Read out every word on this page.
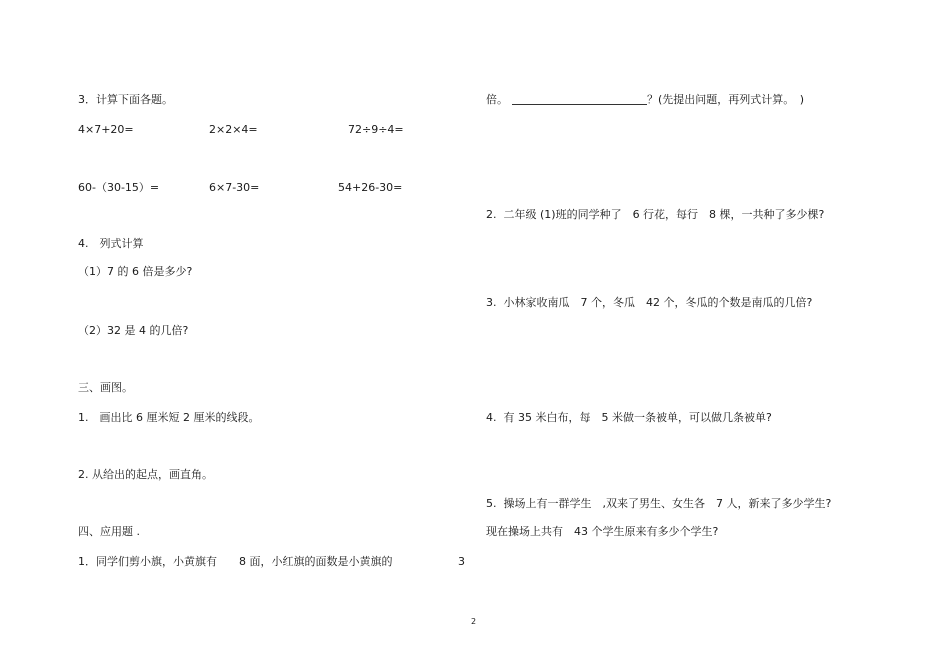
3．计算下面各题。
4×7+20=	2×2×4=	72÷9÷4=
60-（30-15）=	6×7-30=	54+26-30=
4.　列式计算
（1）7 的 6 倍是多少?
（2）32 是 4 的几倍?
三、画图。
1.　画出比 6 厘米短 2 厘米的线段。
2. 从给出的起点，画直角。
四、应用题 .
1．同学们剪小旗，小黄旗有　　8 面，小红旗的面数是小黄旗的	3
倍。	？(先提出问题，再列式计算。　)
2.  二年级 (1)班的同学种了　6 行花，每行　8 棵，一共种了多少棵?
3.  小林家收南瓜　7 个，冬瓜　42 个，冬瓜的个数是南瓜的几倍?
4.  有 35 米白布，每　5 米做一条被单，可以做几条被单?
5.  操场上有一群学生　,双来了男生、女生各　7 人，新来了多少学生?
现在操场上共有　43 个学生原来有多少个学生?
2
